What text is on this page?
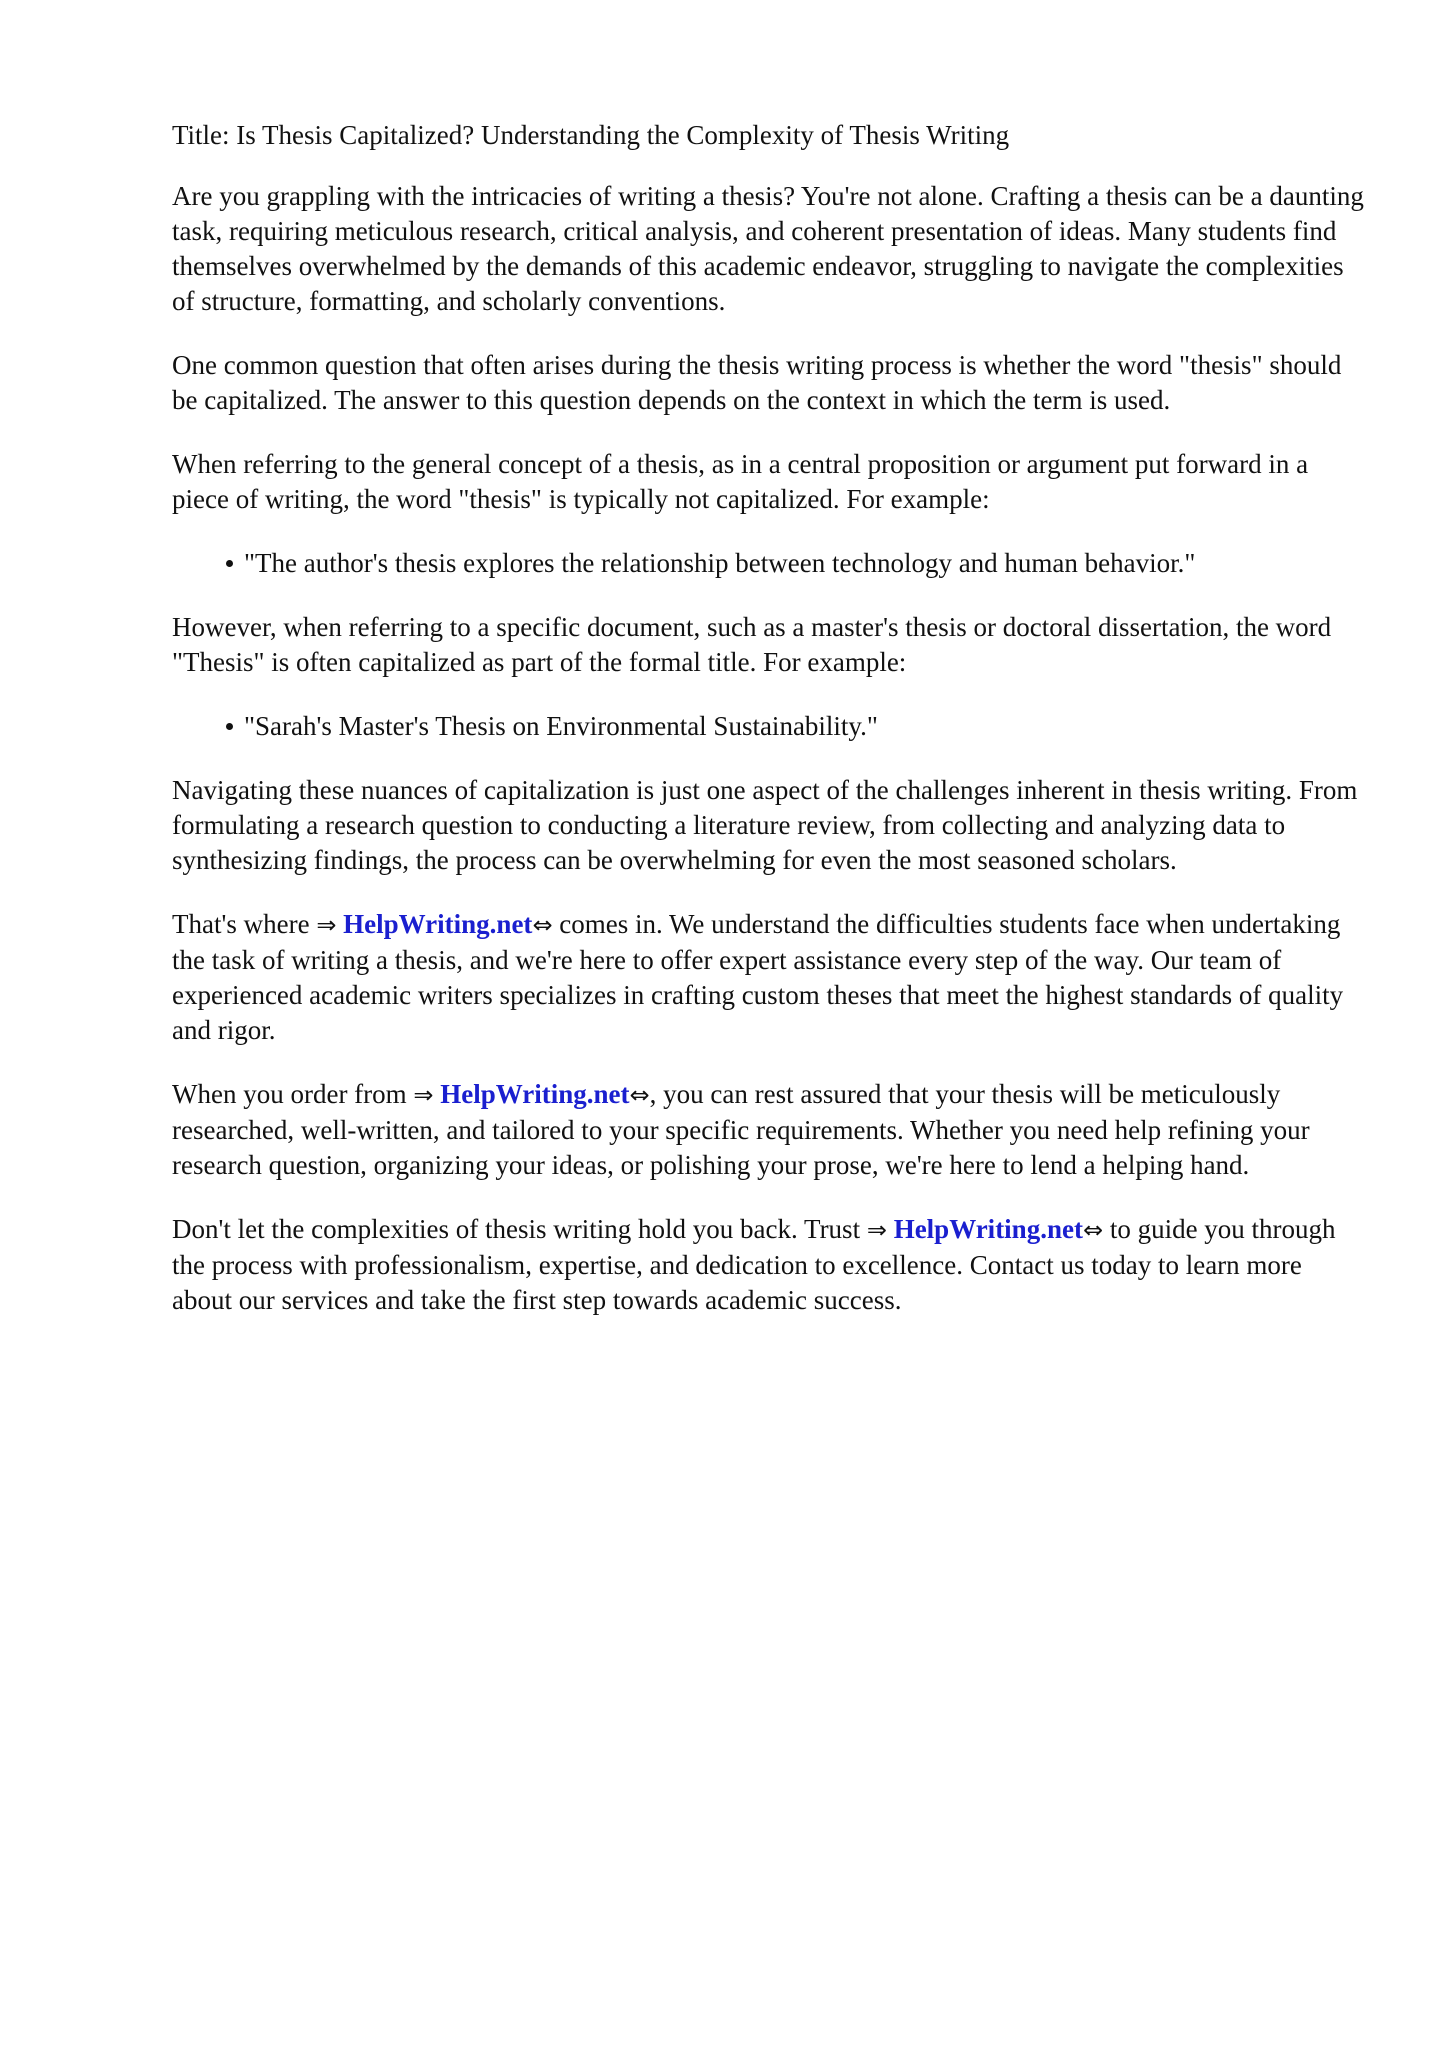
Title: Is Thesis Capitalized? Understanding the Complexity of Thesis Writing

Are you grappling with the intricacies of writing a thesis? You're not alone. Crafting a thesis can be a daunting task, requiring meticulous research, critical analysis, and coherent presentation of ideas. Many students find themselves overwhelmed by the demands of this academic endeavor, struggling to navigate the complexities of structure, formatting, and scholarly conventions.

One common question that often arises during the thesis writing process is whether the word "thesis" should be capitalized. The answer to this question depends on the context in which the term is used.

When referring to the general concept of a thesis, as in a central proposition or argument put forward in a piece of writing, the word "thesis" is typically not capitalized. For example:

"The author's thesis explores the relationship between technology and human behavior."

However, when referring to a specific document, such as a master's thesis or doctoral dissertation, the word "Thesis" is often capitalized as part of the formal title. For example:

"Sarah's Master's Thesis on Environmental Sustainability."

Navigating these nuances of capitalization is just one aspect of the challenges inherent in thesis writing. From formulating a research question to conducting a literature review, from collecting and analyzing data to synthesizing findings, the process can be overwhelming for even the most seasoned scholars.

That's where ⇒ HelpWriting.net⇔ comes in. We understand the difficulties students face when undertaking the task of writing a thesis, and we're here to offer expert assistance every step of the way. Our team of experienced academic writers specializes in crafting custom theses that meet the highest standards of quality and rigor.

When you order from ⇒ HelpWriting.net⇔, you can rest assured that your thesis will be meticulously researched, well-written, and tailored to your specific requirements. Whether you need help refining your research question, organizing your ideas, or polishing your prose, we're here to lend a helping hand.

Don't let the complexities of thesis writing hold you back. Trust ⇒ HelpWriting.net⇔ to guide you through the process with professionalism, expertise, and dedication to excellence. Contact us today to learn more about our services and take the first step towards academic success.
